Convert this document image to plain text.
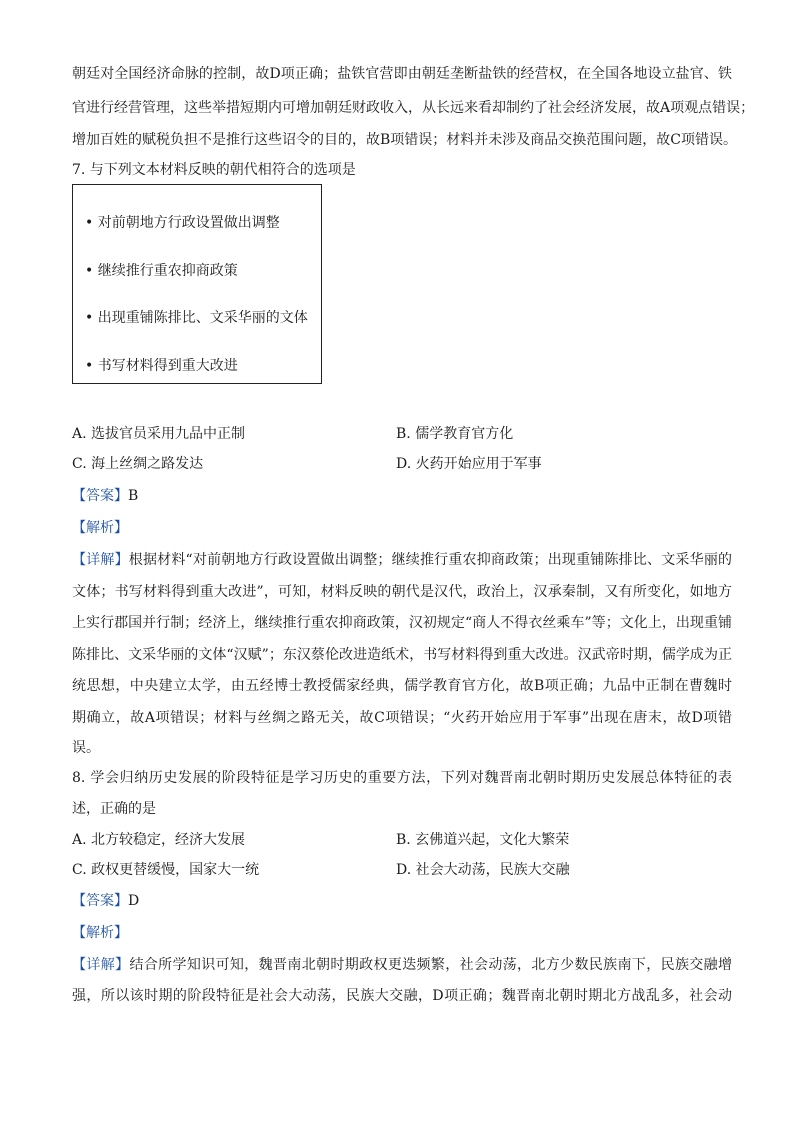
朝廷对全国经济命脉的控制，故D项正确；盐铁官营即由朝廷垄断盐铁的经营权，在全国各地设立盐官、铁
官进行经营管理，这些举措短期内可增加朝廷财政收入，从长远来看却制约了社会经济发展，故A项观点错误；
增加百姓的赋税负担不是推行这些诏令的目的，故B项错误；材料并未涉及商品交换范围问题，故C项错误。
7. 与下列文本材料反映的朝代相符合的选项是
• 对前朝地方行政设置做出调整
• 继续推行重农抑商政策
• 出现重铺陈排比、文采华丽的文体
• 书写材料得到重大改进
A. 选拔官员采用九品中正制	B. 儒学教育官方化
C. 海上丝绸之路发达	D. 火药开始应用于军事
【答案】B
【解析】
【详解】根据材料“对前朝地方行政设置做出调整；继续推行重农抑商政策；出现重铺陈排比、文采华丽的
文体；书写材料得到重大改进”，可知，材料反映的朝代是汉代，政治上，汉承秦制，又有所变化，如地方
上实行郡国并行制；经济上，继续推行重农抑商政策，汉初规定“商人不得衣丝乘车”等；文化上，出现重铺
陈排比、文采华丽的文体“汉赋”；东汉蔡伦改进造纸术，书写材料得到重大改进。汉武帝时期，儒学成为正
统思想，中央建立太学，由五经博士教授儒家经典，儒学教育官方化，故B项正确；九品中正制在曹魏时
期确立，故A项错误；材料与丝绸之路无关，故C项错误；“火药开始应用于军事”出现在唐末，故D项错
误。
8. 学会归纳历史发展的阶段特征是学习历史的重要方法，下列对魏晋南北朝时期历史发展总体特征的表
述，正确的是
A. 北方较稳定，经济大发展	B. 玄佛道兴起，文化大繁荣
C. 政权更替缓慢，国家大一统	D. 社会大动荡，民族大交融
【答案】D
【解析】
【详解】结合所学知识可知，魏晋南北朝时期政权更迭频繁，社会动荡，北方少数民族南下，民族交融增
强，所以该时期的阶段特征是社会大动荡，民族大交融，D项正确；魏晋南北朝时期北方战乱多，社会动
